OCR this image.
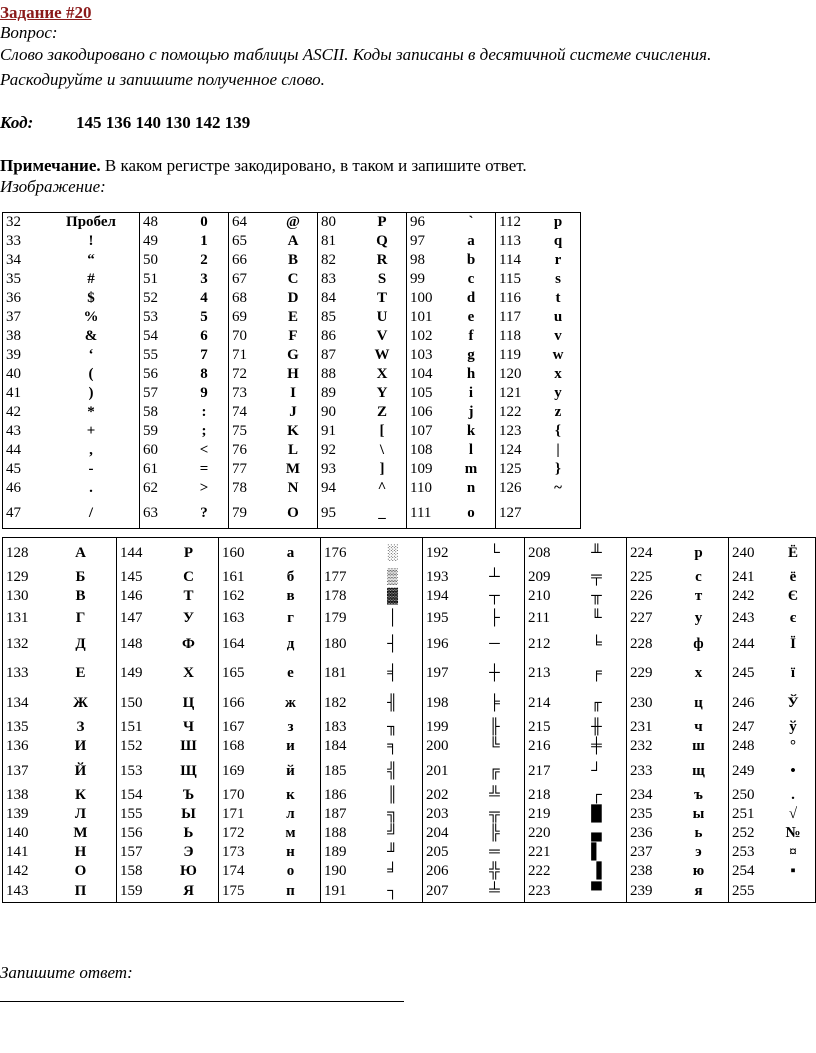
Задание #20
Вопрос:
Слово закодировано с помощью таблицы ASCII. Коды записаны в десятичной системе счисления.
Раскодируйте и запишите полученное слово.
Код:	145 136 140 130 142 139
Примечание. В каком регистре закодировано, в таком и запишите ответ.
Изображение:
32	Пробел
33	!
34	“
35	#
36	$
37	%
38	&
39	‘
40	(
41	)
42	*
43	+
44	,
45	-
46	.
47	/

48	0
49	1
50	2
51	3
52	4
53	5
54	6
55	7
56	8
57	9
58	:
59	;
60	<
61	=
62	>
63	?

64	@
65	A
66	B
67	C
68	D
69	E
70	F
71	G
72	H
73	I
74	J
75	K
76	L
77	M
78	N
79	O

80	P
81	Q
82	R
83	S
84	T
85	U
86	V
87	W
88	X
89	Y
90	Z
91	[
92	\
93	]
94	^
95	_

96	`
97	a
98	b
99	c
100	d
101	e
102	f
103	g
104	h
105	i
106	j
107	k
108	l
109	m
110	n
111	o

112	p
113	q
114	r
115	s
116	t
117	u
118	v
119	w
120	x
121	y
122	z
123	{
124	|
125	}
126	~
127
128	А
129	Б
130	В
131	Г
132	Д
133	Е
134	Ж
135	З
136	И
137	Й
138	К
139	Л
140	М
141	Н
142	О
143	П

144	Р
145	С
146	Т
147	У
148	Ф
149	Х
150	Ц
151	Ч
152	Ш
153	Щ
154	Ъ
155	Ы
156	Ь
157	Э
158	Ю
159	Я

160	а
161	б
162	в
163	г
164	д
165	е
166	ж
167	з
168	и
169	й
170	к
171	л
172	м
173	н
174	о
175	п

176	░
177	▒
178	▓
179	│
180	┤
181	╡
182	╢
183	╖
184	╕
185	╣
186	║
187	╗
188	╝
189	╜
190	╛
191	┐

192	└
193	┴
194	┬
195	├
196	─
197	┼
198	╞
199	╟
200	╚
201	╔
202	╩
203	╦
204	╠
205	═
206	╬
207	╧

208	╨
209	╤
210	╥
211	╙
212	╘
213	╒
214	╓
215	╫
216	╪
217	┘
218	┌
219	█
220	▄
221	▌
222	▐
223	▀

224	р
225	с
226	т
227	у
228	ф
229	х
230	ц
231	ч
232	ш
233	щ
234	ъ
235	ы
236	ь
237	э
238	ю
239	я

240	Ё
241	ё
242	Є
243	є
244	Ї
245	ї
246	Ў
247	ў
248	°
249	•
250	.
251	√
252	№
253	¤
254	▪
255
Запишите ответ:
